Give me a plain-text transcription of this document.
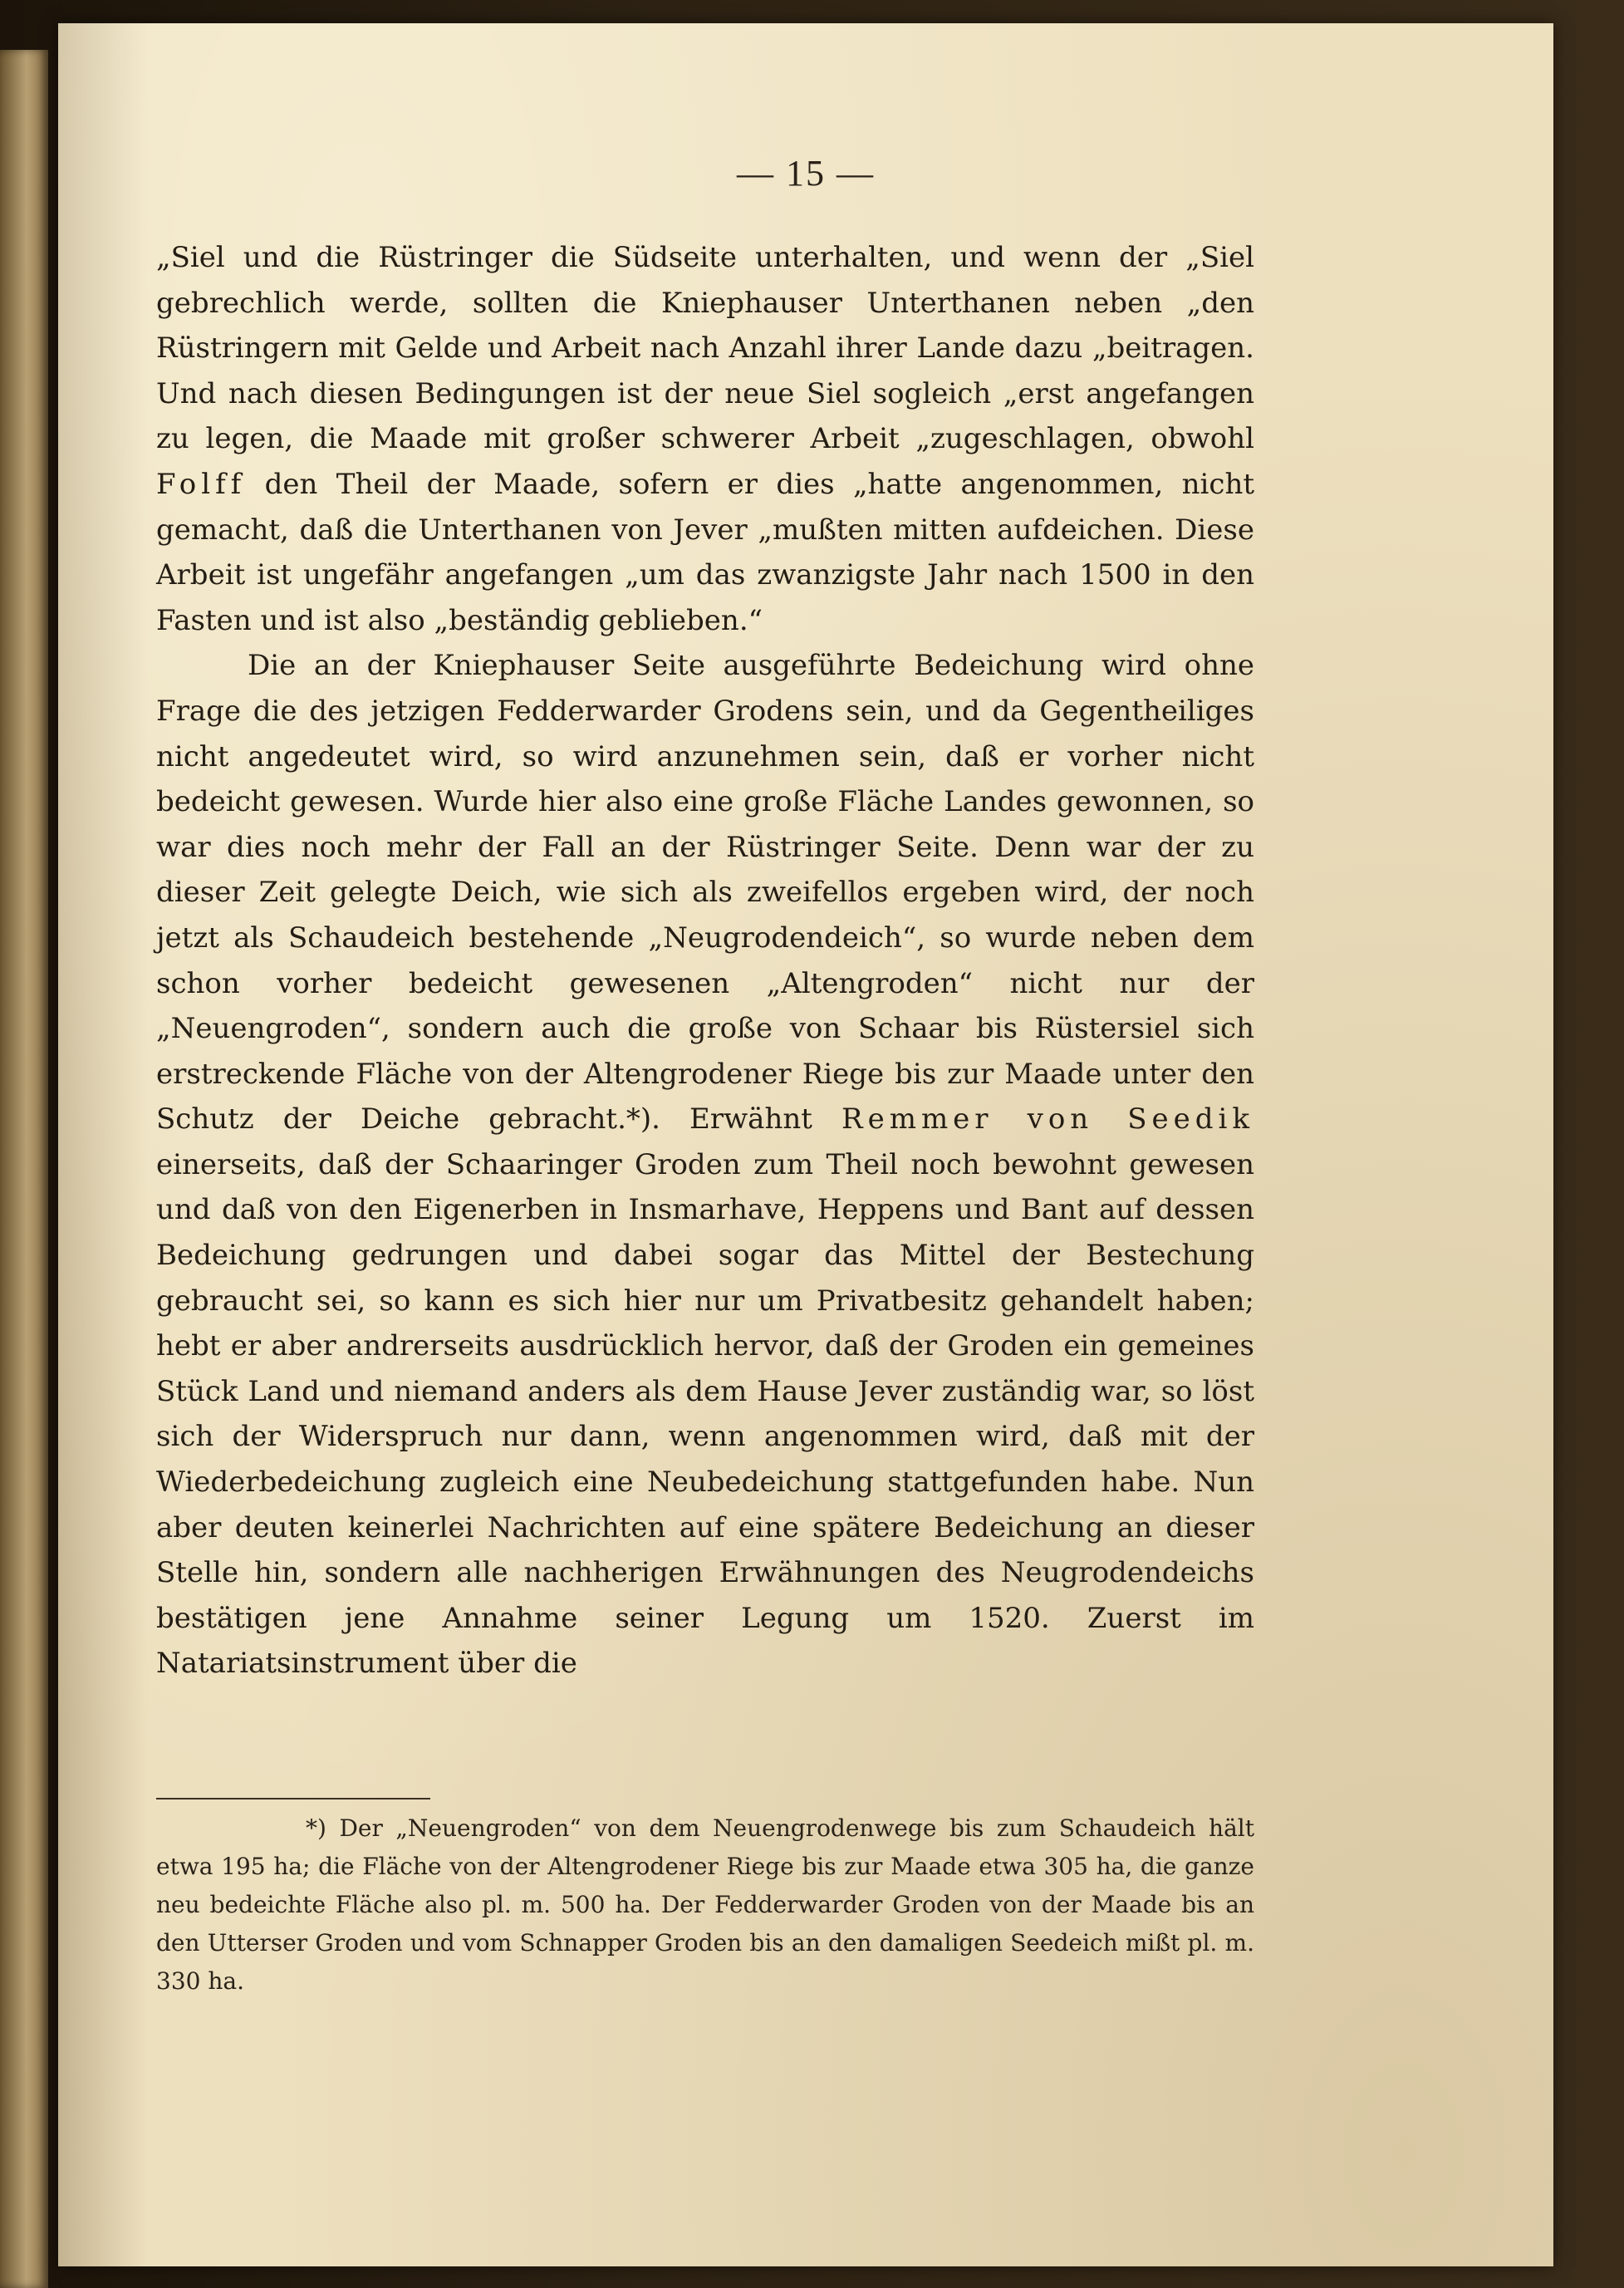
— 15 —

„Siel und die Rüstringer die Südseite unterhalten, und wenn der „Siel gebrechlich werde, sollten die Kniephauser Unterthanen neben „den Rüstringern mit Gelde und Arbeit nach Anzahl ihrer Lande dazu „beitragen. Und nach diesen Bedingungen ist der neue Siel sogleich „erst angefangen zu legen, die Maade mit großer schwerer Arbeit „zugeschlagen, obwohl Folff den Theil der Maade, sofern er dies „hatte angenommen, nicht gemacht, daß die Unterthanen von Jever „mußten mitten aufdeichen. Diese Arbeit ist ungefähr angefangen „um das zwanzigste Jahr nach 1500 in den Fasten und ist also „beständig geblieben.“

Die an der Kniephauser Seite ausgeführte Bedeichung wird ohne Frage die des jetzigen Fedderwarder Grodens sein, und da Gegentheiliges nicht angedeutet wird, so wird anzunehmen sein, daß er vorher nicht bedeicht gewesen. Wurde hier also eine große Fläche Landes gewonnen, so war dies noch mehr der Fall an der Rüstringer Seite. Denn war der zu dieser Zeit gelegte Deich, wie sich als zweifellos ergeben wird, der noch jetzt als Schaudeich bestehende „Neugrodendeich“, so wurde neben dem schon vorher bedeicht gewesenen „Altengroden“ nicht nur der „Neuengroden“, sondern auch die große von Schaar bis Rüstersiel sich erstreckende Fläche von der Altengrodener Riege bis zur Maade unter den Schutz der Deiche gebracht.*). Erwähnt Remmer von Seedik einerseits, daß der Schaaringer Groden zum Theil noch bewohnt gewesen und daß von den Eigenerben in Insmarhave, Heppens und Bant auf dessen Bedeichung gedrungen und dabei sogar das Mittel der Bestechung gebraucht sei, so kann es sich hier nur um Privatbesitz gehandelt haben; hebt er aber andrerseits ausdrücklich hervor, daß der Groden ein gemeines Stück Land und niemand anders als dem Hause Jever zuständig war, so löst sich der Widerspruch nur dann, wenn angenommen wird, daß mit der Wiederbedeichung zugleich eine Neubedeichung stattgefunden habe. Nun aber deuten keinerlei Nachrichten auf eine spätere Bedeichung an dieser Stelle hin, sondern alle nachherigen Erwähnungen des Neugrodendeichs bestätigen jene Annahme seiner Legung um 1520. Zuerst im Natariatsinstrument über die

*) Der „Neuengroden“ von dem Neuengrodenwege bis zum Schaudeich hält etwa 195 ha; die Fläche von der Altengrodener Riege bis zur Maade etwa 305 ha, die ganze neu bedeichte Fläche also pl. m. 500 ha. Der Fedderwarder Groden von der Maade bis an den Utterser Groden und vom Schnapper Groden bis an den damaligen Seedeich mißt pl. m. 330 ha.
